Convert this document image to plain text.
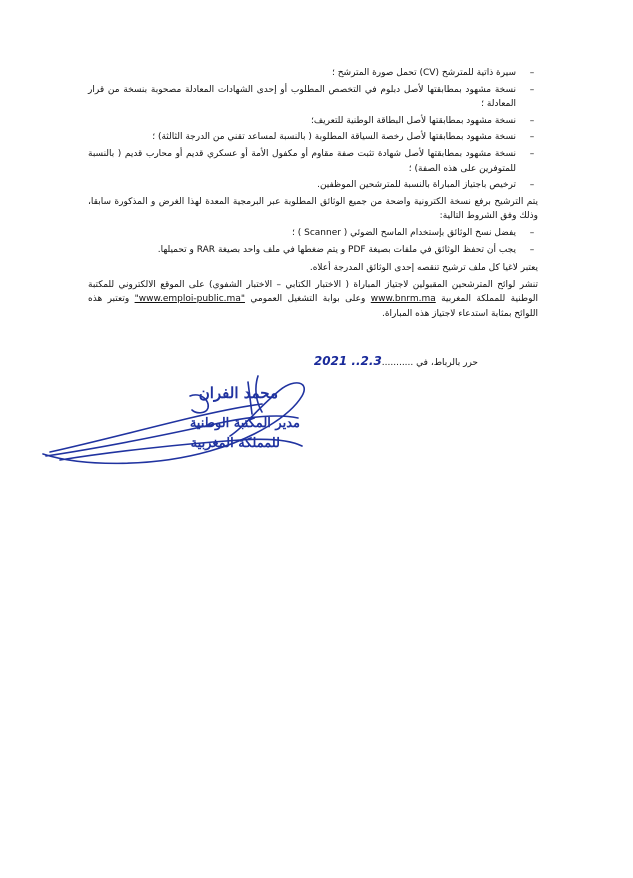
–
سيرة ذاتية للمترشح (CV) تحمل صورة المترشح ؛
–
نسخة مشهود بمطابقتها لأصل دبلوم في التخصص المطلوب أو إحدى الشهادات المعادلة مصحوبة بنسخة من قرار المعادلة ؛
–
نسخة مشهود بمطابقتها لأصل البطاقة الوطنية للتعريف؛
–
نسخة مشهود بمطابقتها لأصل رخصة السياقة المطلوبة ( بالنسبة لمساعد تقني من الدرجة الثالثة) ؛
–
نسخة مشهود بمطابقتها لأصل شهادة تثبت صفة مقاوم أو مكفول الأمة أو عسكري قديم أو محارب قديم ( بالنسبة للمتوفرين على هذه الصفة) ؛
–
ترخيص باجتياز المباراة بالنسبة للمترشحين الموظفين.

يتم الترشيح برفع نسخة الكترونية واضحة من جميع الوثائق المطلوبة عبر البرمجية المعدة لهذا الغرض و المذكورة سابقا، وذلك وفق الشروط التالية:

–
يفضل نسخ الوثائق بإستخدام الماسح الضوئي ( Scanner ) ؛
–
يجب أن تحفظ الوثائق في ملفات بصيغة PDF و يتم ضغطها في ملف واحد بصيغة RAR و تحميلها.

يعتبر لاغيا كل ملف ترشيح تنقصه إحدى الوثائق المدرجة أعلاه.

تنشر لوائح المترشحين المقبولين لاجتياز المباراة ( الاختبار الكتابي – الاختبار الشفوي) على الموقع الالكتروني للمكتبة الوطنية للمملكة المغربية www.bnrm.ma وعلى بوابة التشغيل العمومي "www.emploi-public.ma" وتعتبر هذه اللوائح بمثابة استدعاء لاجتياز هذه المباراة.

حرر بالرباط، في ...........2021 ..2.3
محمد الفران
مدير المكتبة الوطنية
للمملكة المغربية
